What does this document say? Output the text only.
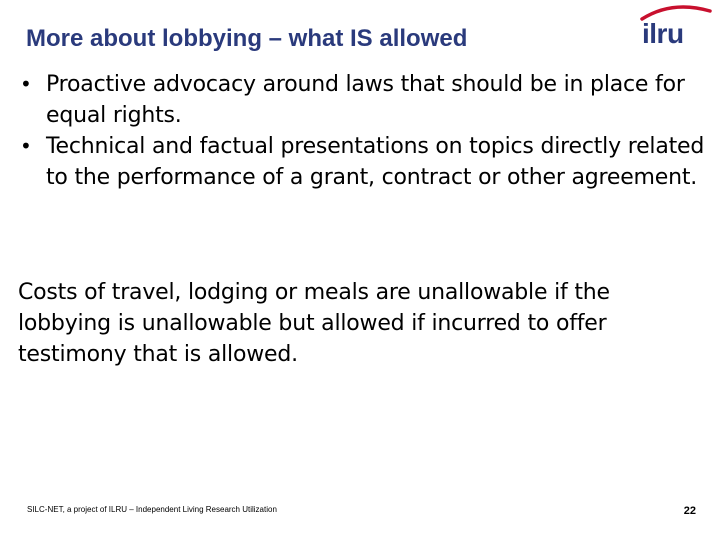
More about lobbying – what IS allowed	ilru
• Proactive advocacy around laws that should be in place for equal rights.
• Technical and factual presentations on topics directly related to the performance of a grant, contract or other agreement.

Costs of travel, lodging or meals are unallowable if the lobbying is unallowable but allowed if incurred to offer testimony that is allowed.

SILC-NET, a project of ILRU – Independent Living Research Utilization	22
